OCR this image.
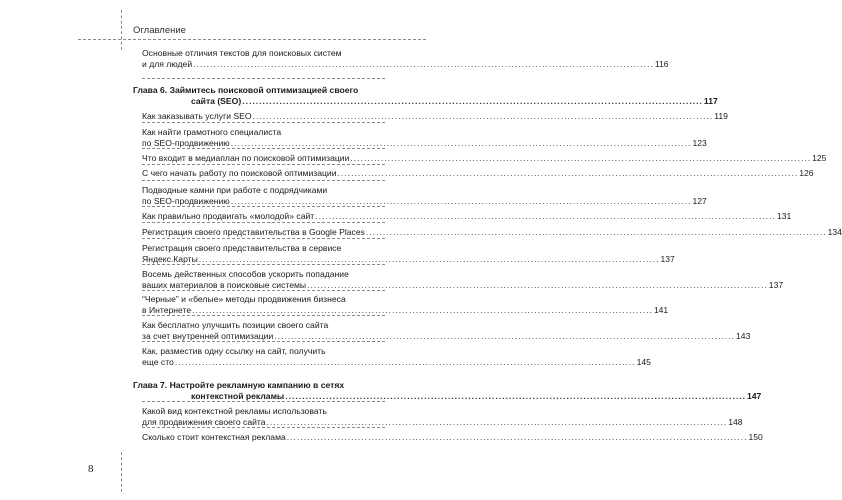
Оглавление
Основные отличия текстов для поисковых систем
и для людей ........................................................................................................................................ 116
Глава 6. Займитесь поисковой оптимизацией своего
сайта (SEO) ........................................................................................................................................ 117
Как заказывать услуги SEO ........................................................................................................................................ 119
Как найти грамотного специалиста
по SEO-продвижению ........................................................................................................................................ 123
Что входит в медиаплан по поисковой оптимизации ........................................................................................................................................ 125
С чего начать работу по поисковой оптимизации ........................................................................................................................................ 126
Подводные камни при работе с подрядчиками
по SEO-продвижению ........................................................................................................................................ 127
Как правильно продвигать «молодой» сайт ........................................................................................................................................ 131
Регистрация своего представительства в Google Places ........................................................................................................................................ 134
Регистрация своего представительства в сервисе
Яндекс.Карты ........................................................................................................................................ 137
Восемь действенных способов ускорить попадание
ваших материалов в поисковые системы ........................................................................................................................................ 137
“Черные” и «белые» методы продвижения бизнеса
в Интернете ........................................................................................................................................ 141
Как бесплатно улучшить позиции своего сайта
за счет внутренней оптимизации ........................................................................................................................................ 143
Как, разместив одну ссылку на сайт, получить
еще сто ........................................................................................................................................ 145
Глава 7. Настройте рекламную кампанию в сетях
контекстной рекламы ........................................................................................................................................ 147
Какой вид контекстной рекламы использовать
для продвижения своего сайта ........................................................................................................................................ 148
Сколько стоит контекстная реклама ........................................................................................................................................ 150
8
